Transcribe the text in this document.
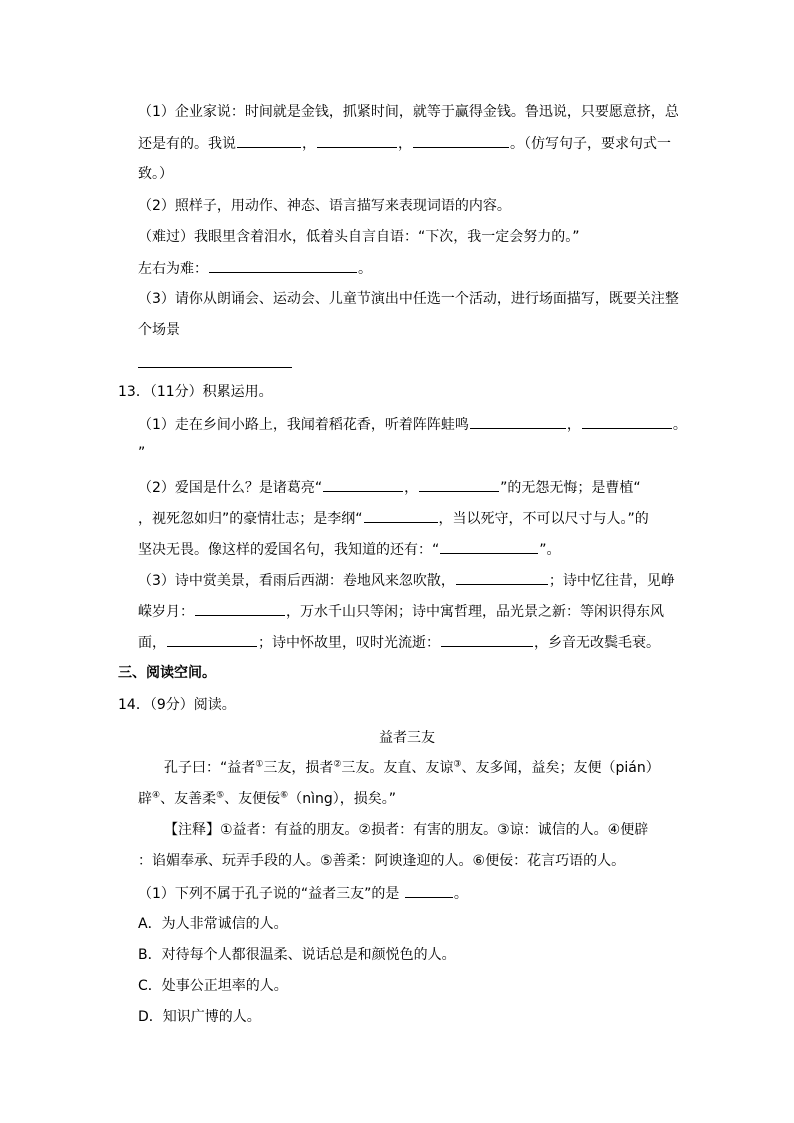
（1）企业家说：时间就是金钱，抓紧时间，就等于赢得金钱。鲁迅说，只要愿意挤，总
还是有的。我说	，	，	。（仿写句子，要求句式一
致。）
（2）照样子，用动作、神态、语言描写来表现词语的内容。
（难过）我眼里含着泪水，低着头自言自语：“下次，我一定会努力的。”
左右为难：	。
（3）请你从朗诵会、运动会、儿童节演出中任选一个活动，进行场面描写，既要关注整
个场景
13．（11分）积累运用。
（1）走在乡间小路上，我闻着稻花香，听着阵阵蛙鸣	，	。
”
（2）爱国是什么？是诸葛亮“	，	”的无怨无悔；是曹植“
，视死忽如归”的豪情壮志；是李纲“	，当以死守，不可以尺寸与人。”的
坚决无畏。像这样的爱国名句，我知道的还有：“	”。
（3）诗中赏美景，看雨后西湖：卷地风来忽吹散，	；诗中忆往昔，见峥
嵘岁月：	，万水千山只等闲；诗中寓哲理，品光景之新：等闲识得东风
面，	；诗中怀故里，叹时光流逝：	，乡音无改鬓毛衰。
三、阅读空间。
14．（9分）阅读。
益者三友
孔子曰：“益者①三友，损者②三友。友直、友谅③、友多闻，益矣；友便（pián）
辟④、友善柔⑤、友便佞⑥（nìng），损矣。”
【注释】①益者：有益的朋友。②损者：有害的朋友。③谅：诚信的人。④便辟
：谄媚奉承、玩弄手段的人。⑤善柔：阿谀逢迎的人。⑥便佞：花言巧语的人。
（1）下列不属于孔子说的“益者三友”的是	。
A．为人非常诚信的人。
B．对待每个人都很温柔、说话总是和颜悦色的人。
C．处事公正坦率的人。
D．知识广博的人。
